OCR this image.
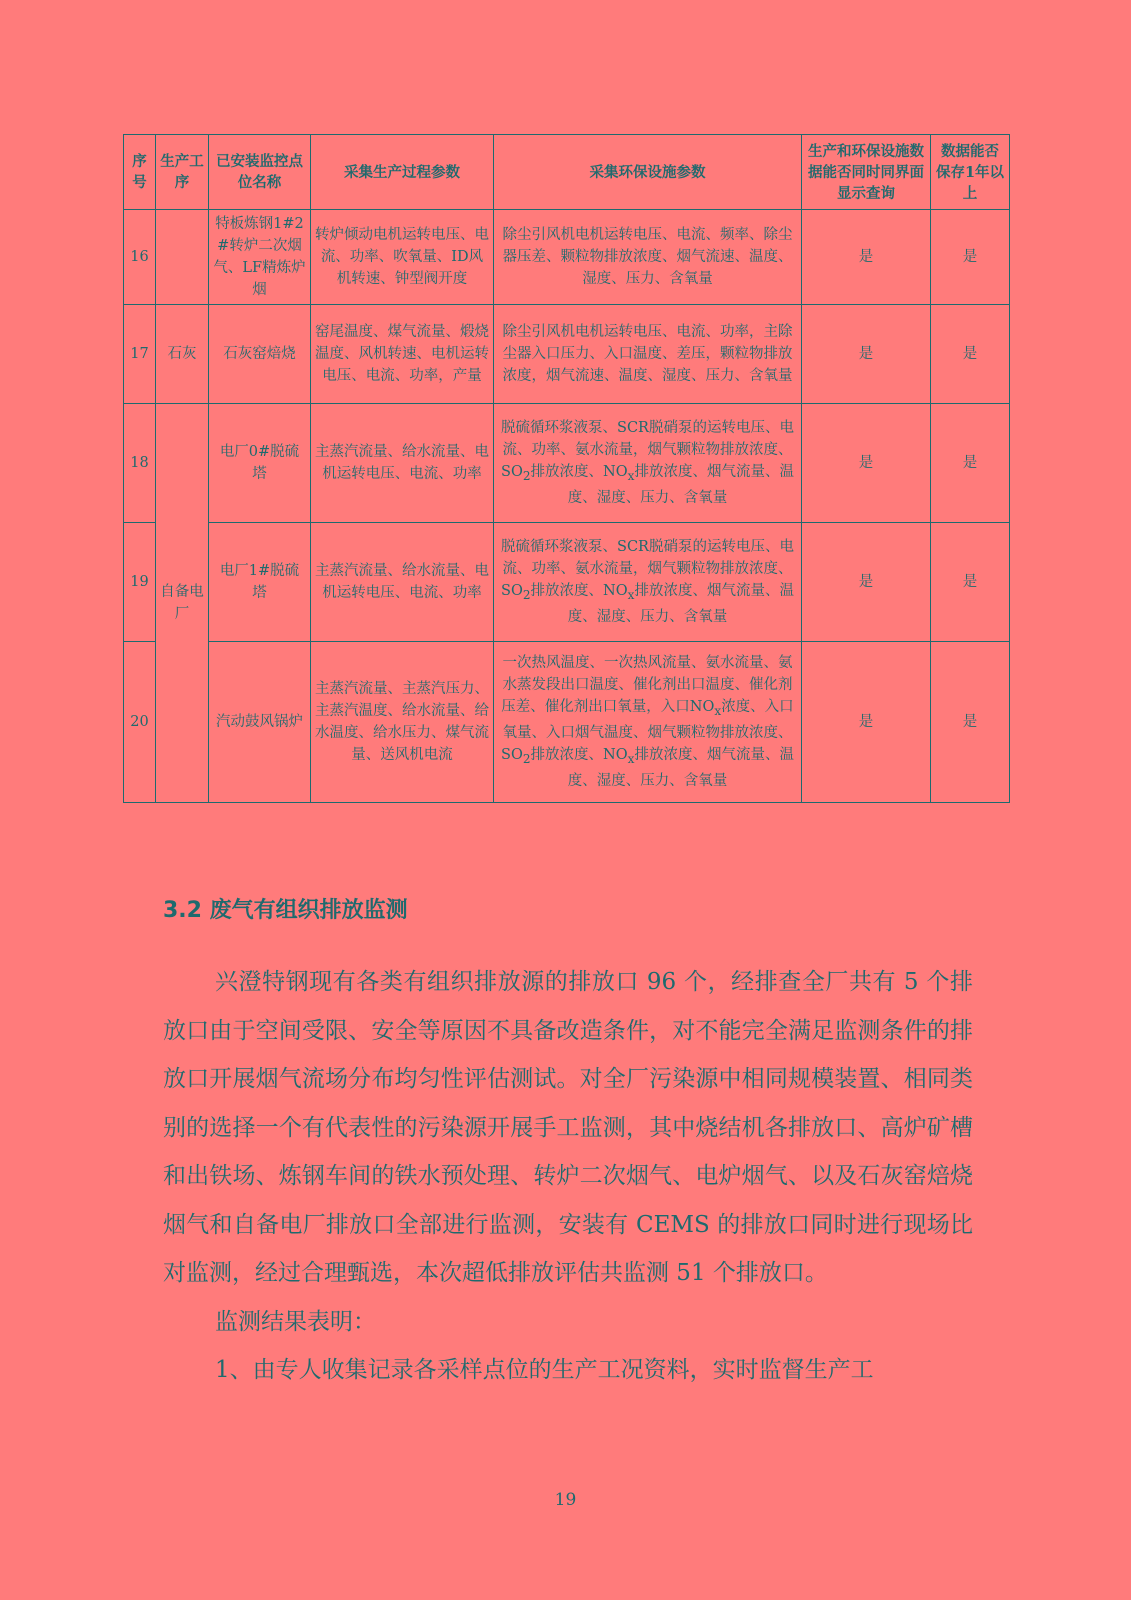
序号	生产工序	已安装监控点位名称	采集生产过程参数	采集环保设施参数	生产和环保设施数据能否同时同界面显示查询	数据能否保存1年以上
16		特板炼钢1#2#转炉二次烟气、LF精炼炉烟	转炉倾动电机运转电压、电流、功率、吹氧量、ID风机转速、钟型阀开度	除尘引风机电机运转电压、电流、频率、除尘器压差、颗粒物排放浓度、烟气流速、温度、湿度、压力、含氧量	是	是
17	石灰	石灰窑焙烧	窑尾温度、煤气流量、煅烧温度、风机转速、电机运转电压、电流、功率，产量	除尘引风机电机运转电压、电流、功率，主除尘器入口压力、入口温度、差压，颗粒物排放浓度，烟气流速、温度、湿度、压力、含氧量	是	是
18	自备电厂	电厂0#脱硫塔	主蒸汽流量、给水流量、电机运转电压、电流、功率	脱硫循环浆液泵、SCR脱硝泵的运转电压、电流、功率、氨水流量，烟气颗粒物排放浓度、$SO_2$排放浓度、$NO_x$排放浓度、烟气流量、温度、湿度、压力、含氧量	是	是
19		电厂1#脱硫塔	主蒸汽流量、给水流量、电机运转电压、电流、功率	脱硫循环浆液泵、SCR脱硝泵的运转电压、电流、功率、氨水流量，烟气颗粒物排放浓度、$SO_2$排放浓度、$NO_x$排放浓度、烟气流量、温度、湿度、压力、含氧量	是	是
20		汽动鼓风锅炉	主蒸汽流量、主蒸汽压力、主蒸汽温度、给水流量、给水温度、给水压力、煤气流量、送风机电流	一次热风温度、一次热风流量、氨水流量、氨水蒸发段出口温度、催化剂出口温度、催化剂压差、催化剂出口氧量，入口$NO_x$浓度、入口氧量、入口烟气温度、烟气颗粒物排放浓度、$SO_2$排放浓度、$NO_x$排放浓度、烟气流量、温度、湿度、压力、含氧量	是	是
3.2 废气有组织排放监测

兴澄特钢现有各类有组织排放源的排放口 96 个，经排查全厂共有 5 个排放口由于空间受限、安全等原因不具备改造条件，对不能完全满足监测条件的排放口开展烟气流场分布均匀性评估测试。对全厂污染源中相同规模装置、相同类别的选择一个有代表性的污染源开展手工监测，其中烧结机各排放口、高炉矿槽和出铁场、炼钢车间的铁水预处理、转炉二次烟气、电炉烟气、以及石灰窑焙烧烟气和自备电厂排放口全部进行监测，安装有 CEMS 的排放口同时进行现场比对监测，经过合理甄选，本次超低排放评估共监测 51 个排放口。

监测结果表明：

1、由专人收集记录各采样点位的生产工况资料，实时监督生产工

19
